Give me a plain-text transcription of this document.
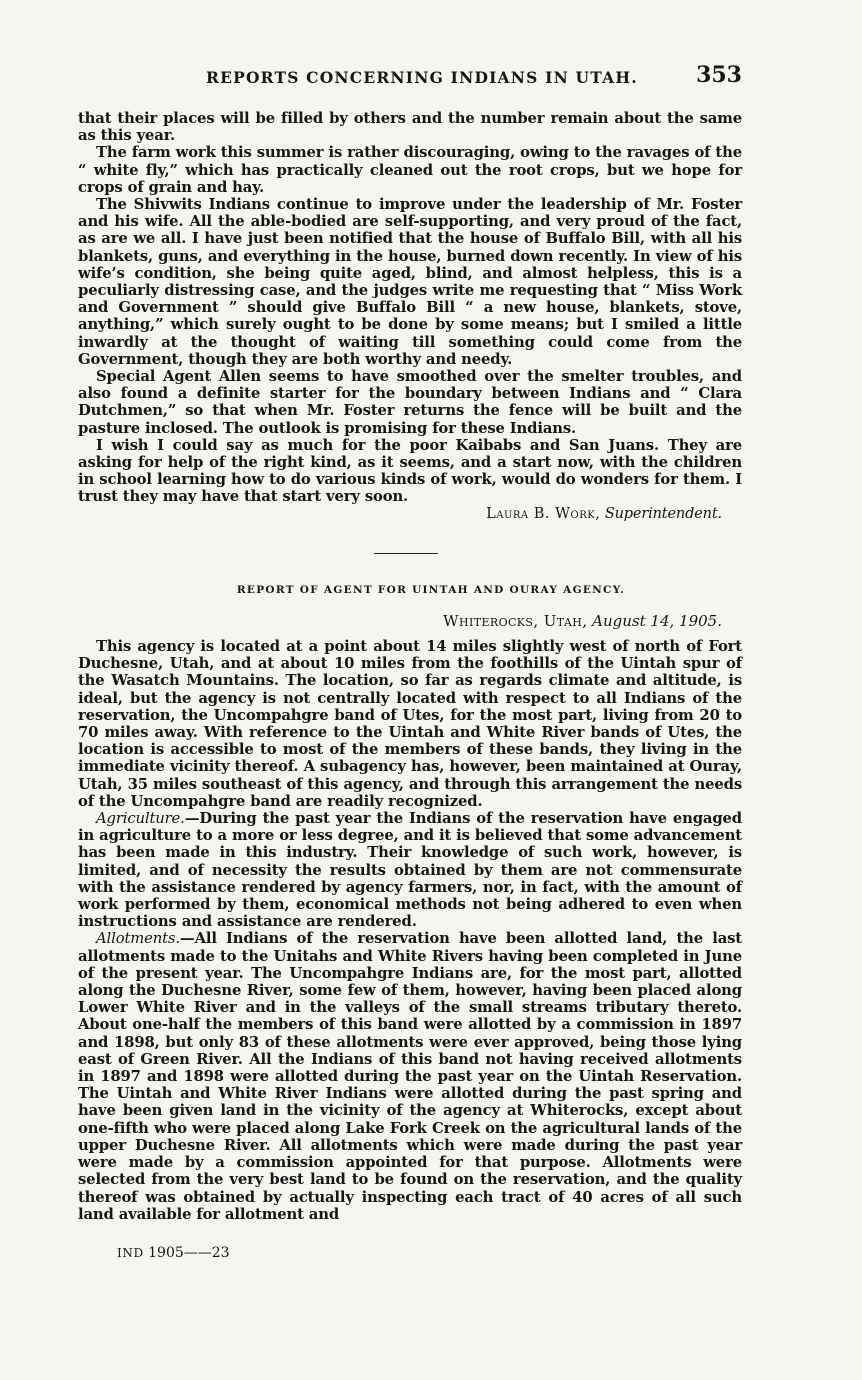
REPORTS CONCERNING INDIANS IN UTAH.	353

that their places will be filled by others and the number remain about the same as this year.

The farm work this summer is rather discouraging, owing to the ravages of the “ white fly,” which has practically cleaned out the root crops, but we hope for crops of grain and hay.

The Shivwits Indians continue to improve under the leadership of Mr. Foster and his wife. All the able-bodied are self-supporting, and very proud of the fact, as are we all. I have just been notified that the house of Buffalo Bill, with all his blankets, guns, and everything in the house, burned down recently. In view of his wife’s condition, she being quite aged, blind, and almost helpless, this is a peculiarly distressing case, and the judges write me requesting that “ Miss Work and Government ” should give Buffalo Bill “ a new house, blankets, stove, anything,” which surely ought to be done by some means; but I smiled a little inwardly at the thought of waiting till something could come from the Government, though they are both worthy and needy.

Special Agent Allen seems to have smoothed over the smelter troubles, and also found a definite starter for the boundary between Indians and “ Clara Dutchmen,” so that when Mr. Foster returns the fence will be built and the pasture inclosed. The outlook is promising for these Indians.

I wish I could say as much for the poor Kaibabs and San Juans. They are asking for help of the right kind, as it seems, and a start now, with the children in school learning how to do various kinds of work, would do wonders for them. I trust they may have that start very soon.

Laura B. Work, Superintendent.
REPORT OF AGENT FOR UINTAH AND OURAY AGENCY.
Whiterocks, Utah, August 14, 1905.

This agency is located at a point about 14 miles slightly west of north of Fort Duchesne, Utah, and at about 10 miles from the foothills of the Uintah spur of the Wasatch Mountains. The location, so far as regards climate and altitude, is ideal, but the agency is not centrally located with respect to all Indians of the reservation, the Uncompahgre band of Utes, for the most part, living from 20 to 70 miles away. With reference to the Uintah and White River bands of Utes, the location is accessible to most of the members of these bands, they living in the immediate vicinity thereof. A subagency has, however, been maintained at Ouray, Utah, 35 miles southeast of this agency, and through this arrangement the needs of the Uncompahgre band are readily recognized.

Agriculture.—During the past year the Indians of the reservation have engaged in agriculture to a more or less degree, and it is believed that some advancement has been made in this industry. Their knowledge of such work, however, is limited, and of necessity the results obtained by them are not commensurate with the assistance rendered by agency farmers, nor, in fact, with the amount of work performed by them, economical methods not being adhered to even when instructions and assistance are rendered.

Allotments.—All Indians of the reservation have been allotted land, the last allotments made to the Unitahs and White Rivers having been completed in June of the present year. The Uncompahgre Indians are, for the most part, allotted along the Duchesne River, some few of them, however, having been placed along Lower White River and in the valleys of the small streams tributary thereto. About one-half the members of this band were allotted by a commission in 1897 and 1898, but only 83 of these allotments were ever approved, being those lying east of Green River. All the Indians of this band not having received allotments in 1897 and 1898 were allotted during the past year on the Uintah Reservation. The Uintah and White River Indians were allotted during the past spring and have been given land in the vicinity of the agency at Whiterocks, except about one-fifth who were placed along Lake Fork Creek on the agricultural lands of the upper Duchesne River. All allotments which were made during the past year were made by a commission appointed for that purpose. Allotments were selected from the very best land to be found on the reservation, and the quality thereof was obtained by actually inspecting each tract of 40 acres of all such land available for allotment and

IND 1905——23
